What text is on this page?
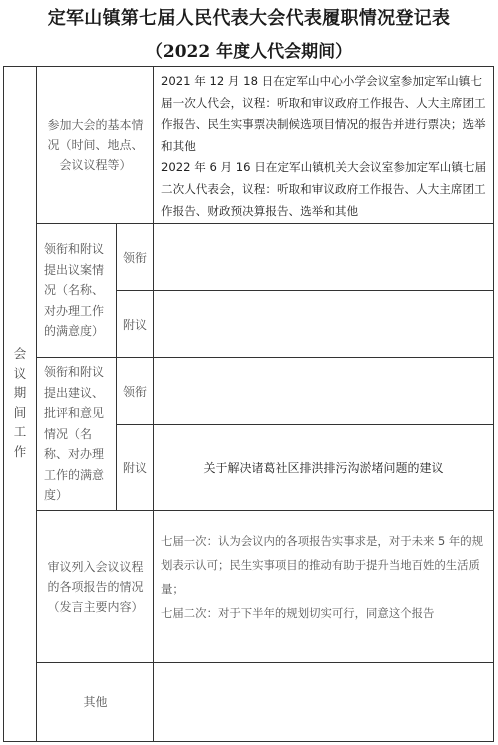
定军山镇第七届人民代表大会代表履职情况登记表
（2022 年度人代会期间）
会
议
期
间
工
作
参加大会的基本情况（时间、地点、会议议程等）

2021 年 12 月 18 日在定军山中心小学会议室参加定军山镇七届一次人代会，议程：听取和审议政府工作报告、人大主席团工作报告、民生实事票决制候选项目情况的报告并进行票决；选举和其他

2022 年 6 月 16 日在定军山镇机关大会议室参加定军山镇七届二次人代表会，议程：听取和审议政府工作报告、人大主席团工作报告、财政预决算报告、选举和其他

领衔和附议提出议案情况（名称、对办理工作的满意度）
领衔
附议
领衔和附议提出建议、批评和意见情况（名称、对办理工作的满意度）
领衔
附议	关于解决诸葛社区排洪排污沟淤堵问题的建议
审议列入会议议程的各项报告的情况（发言主要内容）

七届一次：认为会议内的各项报告实事求是，对于未来 5 年的规划表示认可；民生实事项目的推动有助于提升当地百姓的生活质量；

七届二次：对于下半年的规划切实可行，同意这个报告

其他
